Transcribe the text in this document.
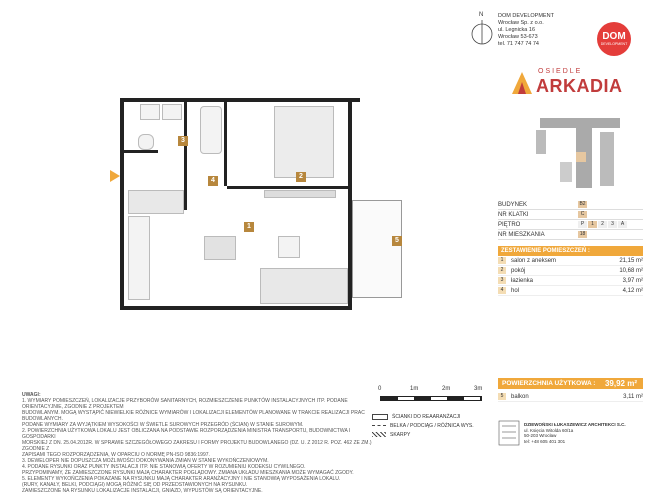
N	DOM DEVELOPMENT
Wrocław Sp. z o.o.
ul. Legnicka 16
Wrocław 53-673
tel. 71 747 74 74
DOM
DEVELOPMENT
OSIEDLE
ARKADIA
BUDYNEK	B2
NR KLATKI	C
PIĘTRO	P	1	2	3	A
NR MIESZKANIA	18
ZESTAWIENIE POMIESZCZEŃ :
1	salon z aneksem	21,15 m²
2	pokój	10,68 m²
3	łazienka	3,97 m²
4	hol	4,12 m²
POWIERZCHNIA UŻYTKOWA :	39,92 m²
5	balkon	3,11 m²
DZIEWOŃSKI ŁUKASZEWICZ ARCHITEKCI S.C.
ul. Księcia Witolda 60/1a
50-203 Wrocław
tel: +48 605 401 301
1
2
3
4
5
UWAGI:
1. WYMIARY POMIESZCZEŃ, LOKALIZACJE PRZYBORÓW SANITARNYCH, ROZMIESZCZENIE PUNKTÓW INSTALACYJNYCH ITP. PODANE ORIENTACYJNIE, ZGODNIE Z PROJEKTEM
BUDOWLANYM. MOGĄ WYSTĄPIĆ NIEWIELKIE RÓŻNICE WYMIARÓW I LOKALIZACJI ELEMENTÓW PLANOWANE W TRAKCIE REALIZACJI PRAC BUDOWLANYCH.
PODANE WYMIARY ZA WYJĄTKIEM WYSOKOŚCI W ŚWIETLE SUROWYCH PRZEGRÓD (ŚCIAN) W STANIE SUROWYM.
2. POWIERZCHNIA UŻYTKOWA LOKALU JEST OBLICZANA NA PODSTAWIE ROZPORZĄDZENIA MINISTRA TRANSPORTU, BUDOWNICTWA I GOSPODARKI
MORSKIEJ Z DN. 25.04.2012R. W SPRAWIE SZCZEGÓŁOWEGO ZAKRESU I FORMY PROJEKTU BUDOWLANEGO (DZ. U. Z 2012 R. POZ. 462 ZE ZM.) ZGODNIE Z
ZAPISAMI TEGO ROZPORZĄDZENIA, W OPARCIU O NORMĘ PN-ISO 9836:1997.
3. DEWELOPER NIE DOPUSZCZA MOŻLIWOŚCI DOKONYWANIA ZMIAN W STANIE WYKOŃCZENIOWYM.
4. PODANE RYSUNKI ORAZ PUNKTY INSTALACJI ITP. NIE STANOWIĄ OFERTY W ROZUMIENIU KODEKSU CYWILNEGO.
PRZYPOMINAMY, ŻE ZAMIESZCZONE RYSUNKI MAJĄ CHARAKTER POGLĄDOWY. ZMIANA UKŁADU MIESZKANIA MOŻE WYMAGAĆ ZGODY.
5. ELEMENTY WYKOŃCZENIA POKAZANE NA RYSUNKU MAJĄ CHARAKTER ARANŻACYJNY I NIE STANOWIĄ WYPOSAŻENIA LOKALU.
(RURY, KANAŁY, BELKI, PODCIĄGI) MOGĄ RÓŻNIĆ SIĘ OD PRZEDSTAWIONYCH NA RYSUNKU.
ZAMIESZCZONE NA RYSUNKU LOKALIZACJE INSTALACJI, GNIAZD, WYPUSTÓW SĄ ORIENTACYJNE.
0	1m	2m	3m
ŚCIANKI DO REAARANŻACJI
BELKA / PODCIĄG / RÓŻNICA WYS.
SKARPY
